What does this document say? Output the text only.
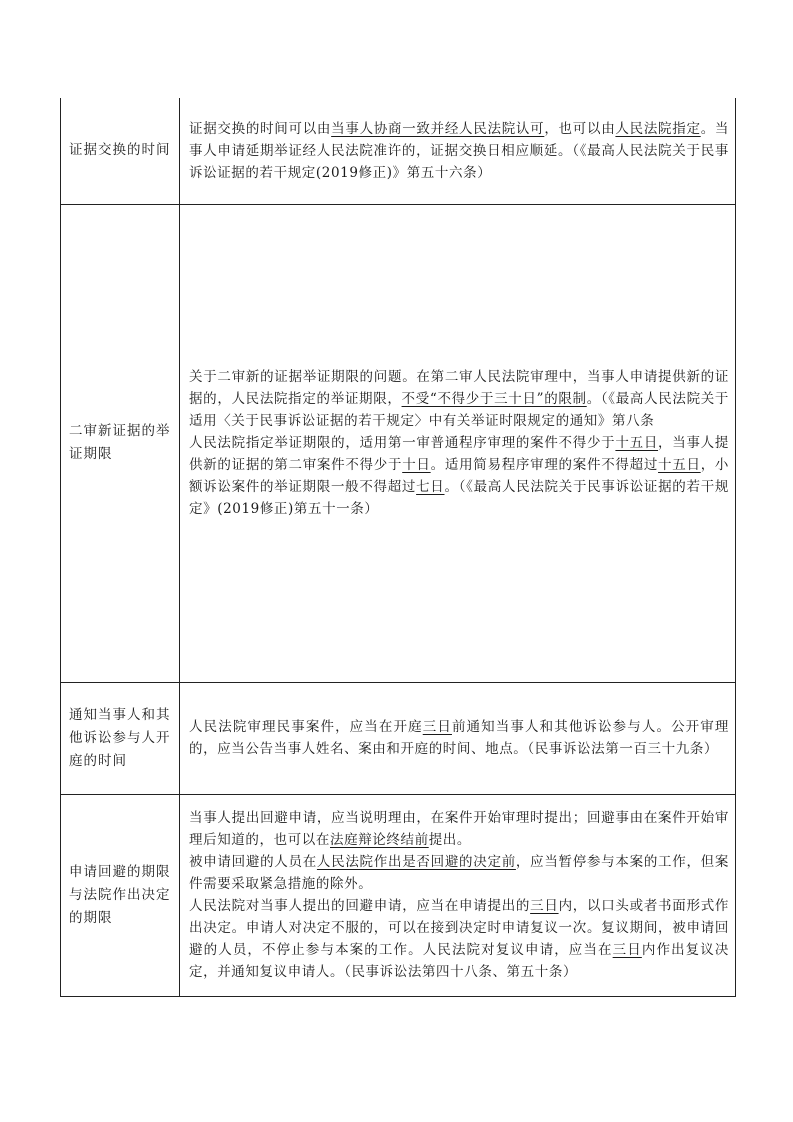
证据交换的时间	证据交换的时间可以由当事人协商一致并经人民法院认可，也可以由人民法院指定。当事人申请延期举证经人民法院准许的，证据交换日相应顺延。（《最高人民法院关于民事诉讼证据的若干规定(2019修正)》第五十六条）

二审新证据的举证期限	关于二审新的证据举证期限的问题。在第二审人民法院审理中，当事人申请提供新的证据的，人民法院指定的举证期限，不受“不得少于三十日”的限制。（《最高人民法院关于适用〈关于民事诉讼证据的若干规定〉中有关举证时限规定的通知》第八条

人民法院指定举证期限的，适用第一审普通程序审理的案件不得少于十五日，当事人提供新的证据的第二审案件不得少于十日。适用简易程序审理的案件不得超过十五日，小额诉讼案件的举证期限一般不得超过七日。（《最高人民法院关于民事诉讼证据的若干规定》(2019修正)第五十一条）

通知当事人和其他诉讼参与人开庭的时间	人民法院审理民事案件，应当在开庭三日前通知当事人和其他诉讼参与人。公开审理的，应当公告当事人姓名、案由和开庭的时间、地点。（民事诉讼法第一百三十九条）

申请回避的期限与法院作出决定的期限	当事人提出回避申请，应当说明理由，在案件开始审理时提出；回避事由在案件开始审理后知道的，也可以在法庭辩论终结前提出。

被申请回避的人员在人民法院作出是否回避的决定前，应当暂停参与本案的工作，但案件需要采取紧急措施的除外。

人民法院对当事人提出的回避申请，应当在申请提出的三日内，以口头或者书面形式作出决定。申请人对决定不服的，可以在接到决定时申请复议一次。复议期间，被申请回避的人员，不停止参与本案的工作。人民法院对复议申请，应当在三日内作出复议决定，并通知复议申请人。（民事诉讼法第四十八条、第五十条）
